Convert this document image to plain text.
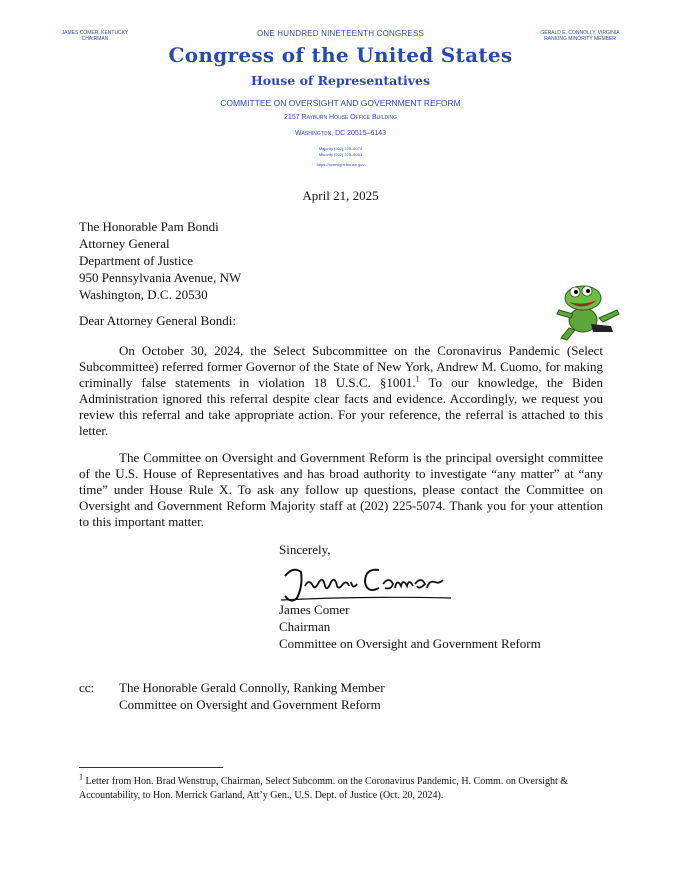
JAMES COMER, KENTUCKY
CHAIRMAN
GERALD E. CONNOLLY, VIRGINIA
RANKING MINORITY MEMBER
ONE HUNDRED NINETEENTH CONGRESS
Congress of the United States
House of Representatives
COMMITTEE ON OVERSIGHT AND GOVERNMENT REFORM
2157 Rayburn House Office Building
Washington, DC 20515–6143
Majority (202) 225–5074
Minority (202) 225–5051
https://oversight.house.gov
April 21, 2025
The Honorable Pam Bondi
Attorney General
Department of Justice
950 Pennsylvania Avenue, NW
Washington, D.C. 20530
Dear Attorney General Bondi:
On October 30, 2024, the Select Subcommittee on the Coronavirus Pandemic (Select Subcommittee) referred former Governor of the State of New York, Andrew M. Cuomo, for making criminally false statements in violation 18 U.S.C. §1001.$^1$ To our knowledge, the Biden Administration ignored this referral despite clear facts and evidence. Accordingly, we request you review this referral and take appropriate action. For your reference, the referral is attached to this letter.
The Committee on Oversight and Government Reform is the principal oversight committee of the U.S. House of Representatives and has broad authority to investigate “any matter” at “any time” under House Rule X. To ask any follow up questions, please contact the Committee on Oversight and Government Reform Majority staff at (202) 225-5074. Thank you for your attention to this important matter.
Sincerely,
James Comer
Chairman
Committee on Oversight and Government Reform
cc: The Honorable Gerald Connolly, Ranking Member
Committee on Oversight and Government Reform
$^1$ Letter from Hon. Brad Wenstrup, Chairman, Select Subcomm. on the Coronavirus Pandemic, H. Comm. on Oversight & Accountability, to Hon. Merrick Garland, Att’y Gen., U.S. Dept. of Justice (Oct. 20, 2024).
